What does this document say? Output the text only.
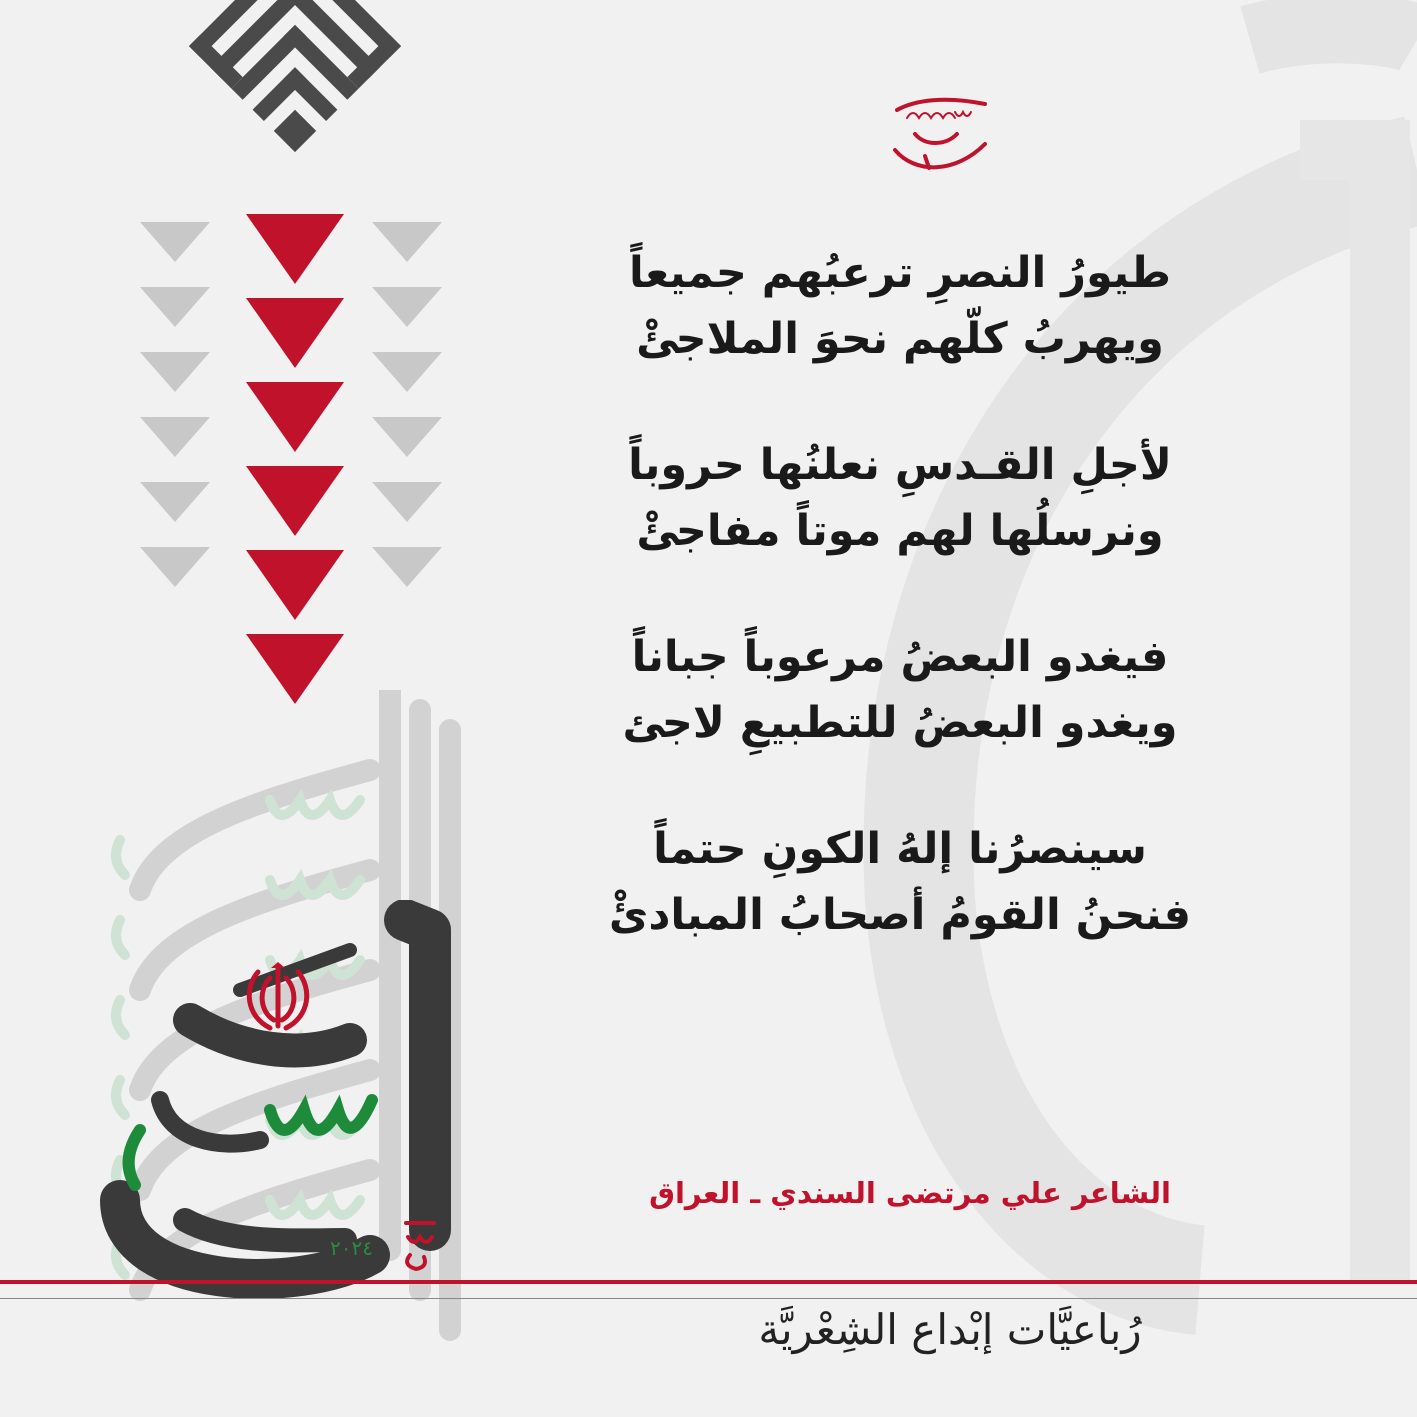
٢٠٢٤
طيورُ النصرِ ترعبُهم جميعاً
ويهربُ كلّهم نحوَ الملاجئْ
لأجلِ القـدسِ نعلنُها حروباً
ونرسلُها لهم موتاً مفاجئْ
فيغدو البعضُ مرعوباً جباناً
ويغدو البعضُ للتطبيعِ لاجئ
سينصرُنا إلهُ الكونِ حتماً
فنحنُ القومُ أصحابُ المبادئْ
الشاعر علي مرتضى السندي ـ العراق
رُباعيَّات إبْداع الشِعْريَّة
